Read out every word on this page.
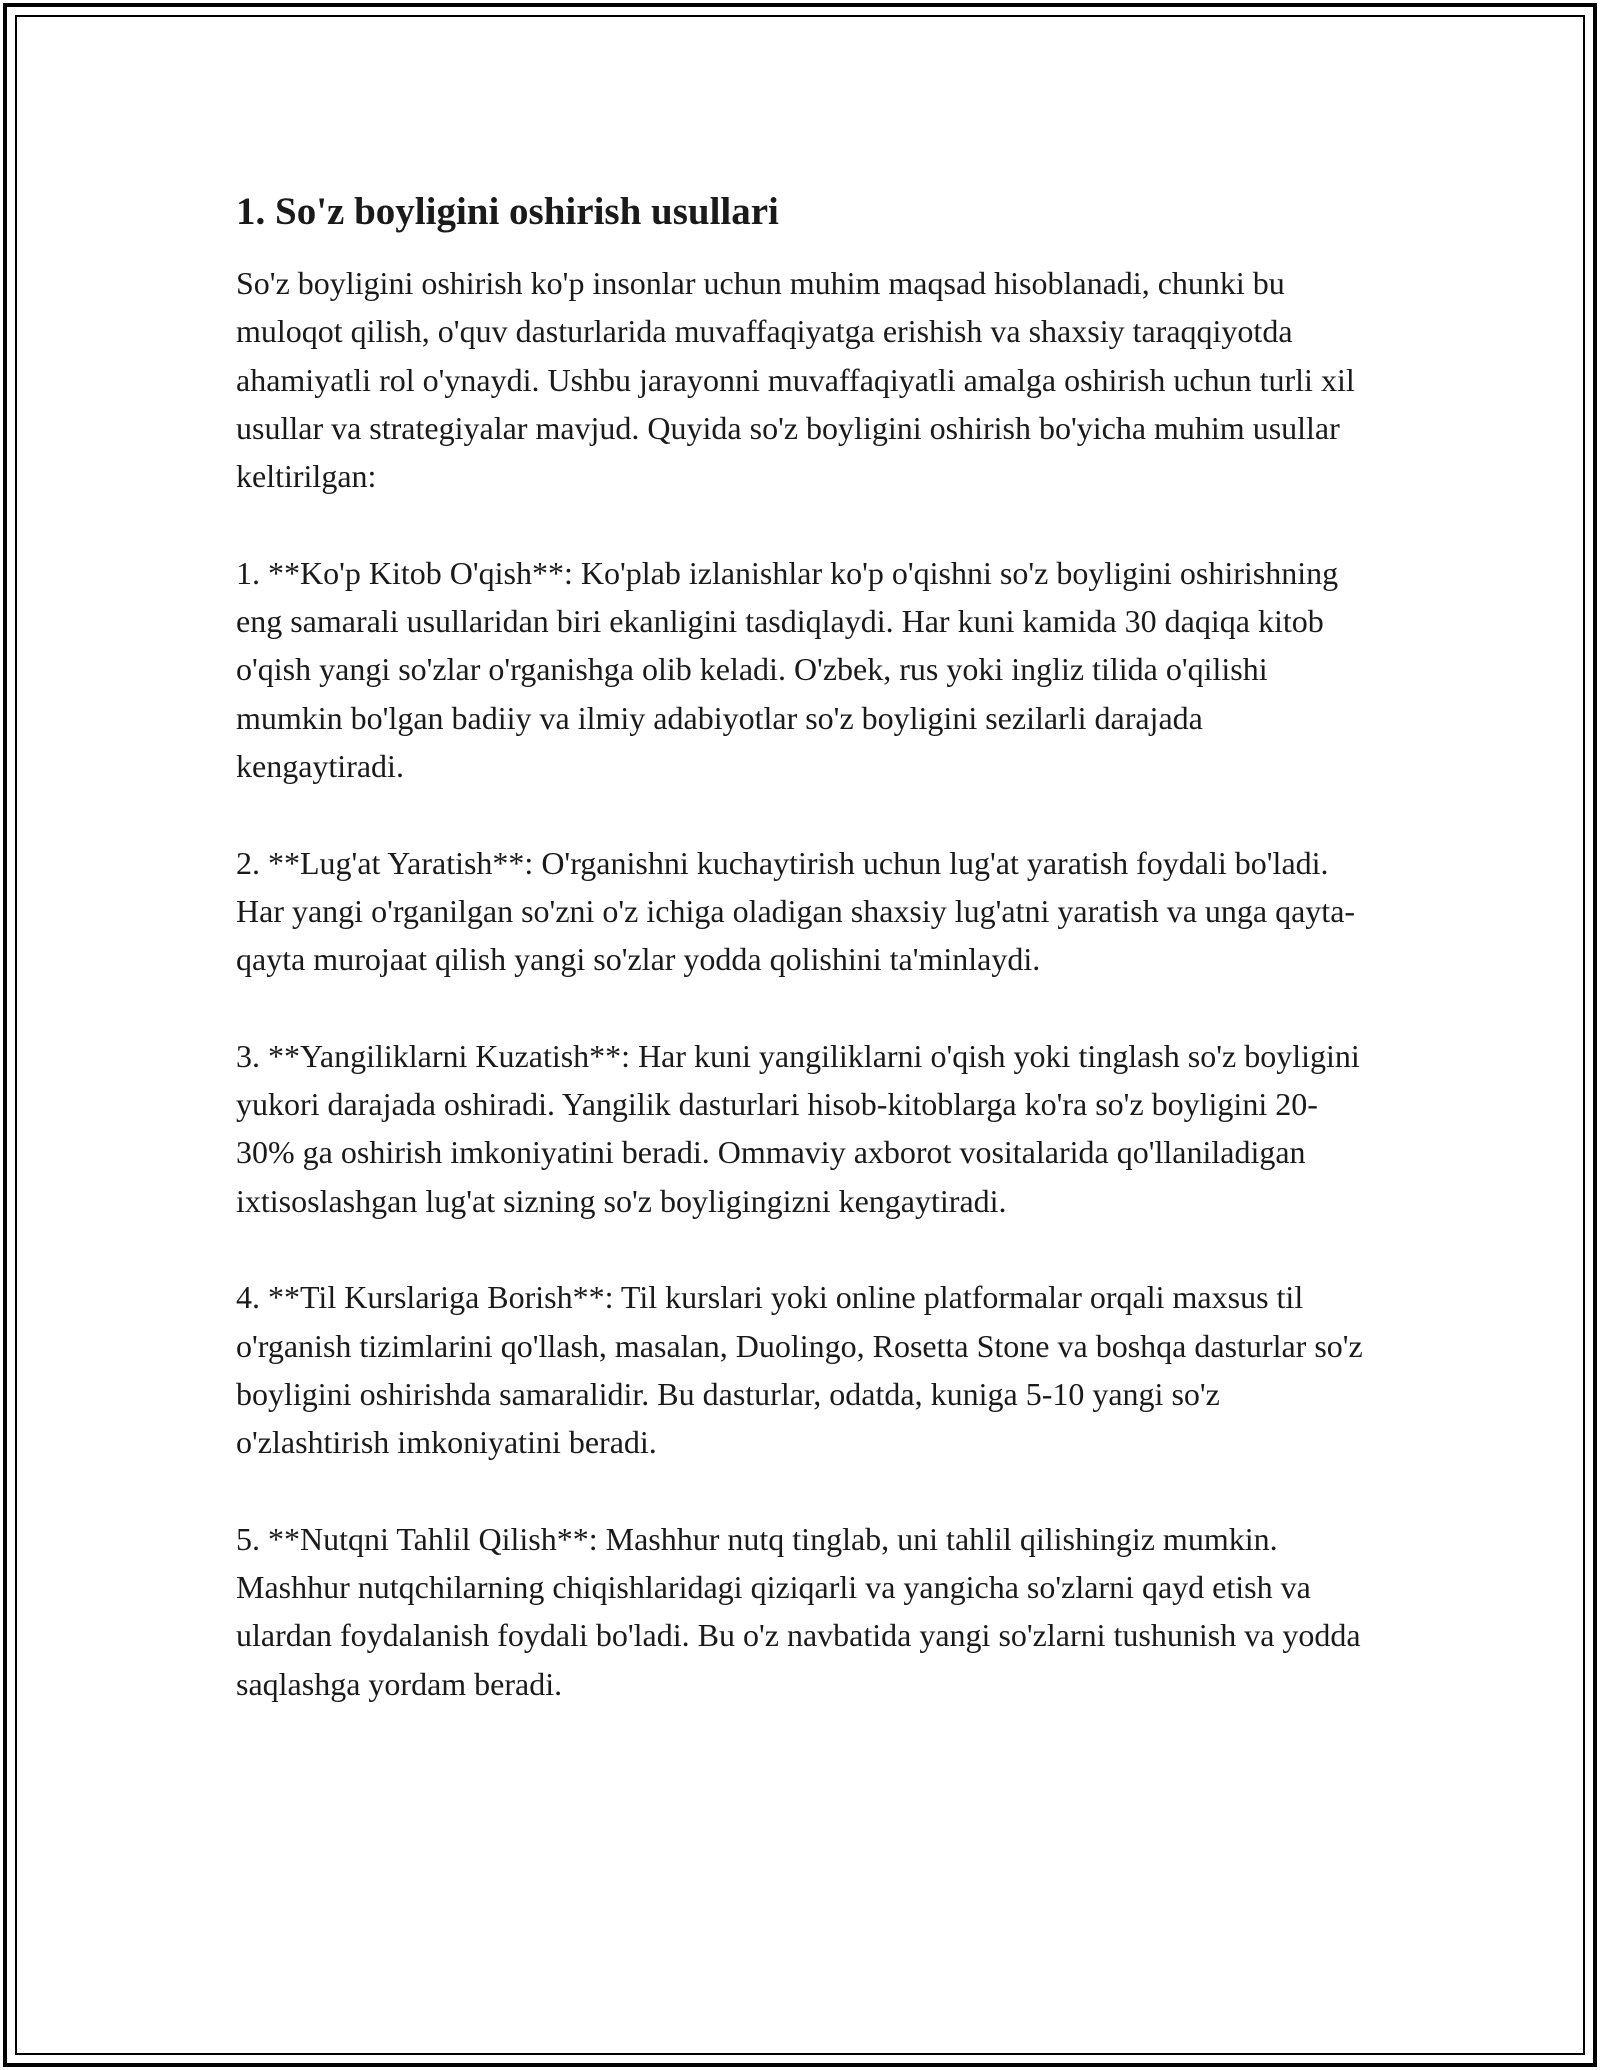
1. So'z boyligini oshirish usullari
So'z boyligini oshirish ko'p insonlar uchun muhim maqsad hisoblanadi, chunki bu muloqot qilish, o'quv dasturlarida muvaffaqiyatga erishish va shaxsiy taraqqiyotda ahamiyatli rol o'ynaydi. Ushbu jarayonni muvaffaqiyatli amalga oshirish uchun turli xil usullar va strategiyalar mavjud. Quyida so'z boyligini oshirish bo'yicha muhim usullar keltirilgan:
1. **Ko'p Kitob O'qish**: Ko'plab izlanishlar ko'p o'qishni so'z boyligini oshirishning eng samarali usullaridan biri ekanligini tasdiqlaydi. Har kuni kamida 30 daqiqa kitob o'qish yangi so'zlar o'rganishga olib keladi. O'zbek, rus yoki ingliz tilida o'qilishi mumkin bo'lgan badiiy va ilmiy adabiyotlar so'z boyligini sezilarli darajada kengaytiradi.
2. **Lug'at Yaratish**: O'rganishni kuchaytirish uchun lug'at yaratish foydali bo'ladi. Har yangi o'rganilgan so'zni o'z ichiga oladigan shaxsiy lug'atni yaratish va unga qayta-qayta murojaat qilish yangi so'zlar yodda qolishini ta'minlaydi.
3. **Yangiliklarni Kuzatish**: Har kuni yangiliklarni o'qish yoki tinglash so'z boyligini yukori darajada oshiradi. Yangilik dasturlari hisob-kitoblarga ko'ra so'z boyligini 20-30% ga oshirish imkoniyatini beradi. Ommaviy axborot vositalarida qo'llaniladigan ixtisoslashgan lug'at sizning so'z boyligingizni kengaytiradi.
4. **Til Kurslariga Borish**: Til kurslari yoki online platformalar orqali maxsus til o'rganish tizimlarini qo'llash, masalan, Duolingo, Rosetta Stone va boshqa dasturlar so'z boyligini oshirishda samaralidir. Bu dasturlar, odatda, kuniga 5-10 yangi so'z o'zlashtirish imkoniyatini beradi.
5. **Nutqni Tahlil Qilish**: Mashhur nutq tinglab, uni tahlil qilishingiz mumkin. Mashhur nutqchilarning chiqishlaridagi qiziqarli va yangicha so'zlarni qayd etish va ulardan foydalanish foydali bo'ladi. Bu o'z navbatida yangi so'zlarni tushunish va yodda saqlashga yordam beradi.
